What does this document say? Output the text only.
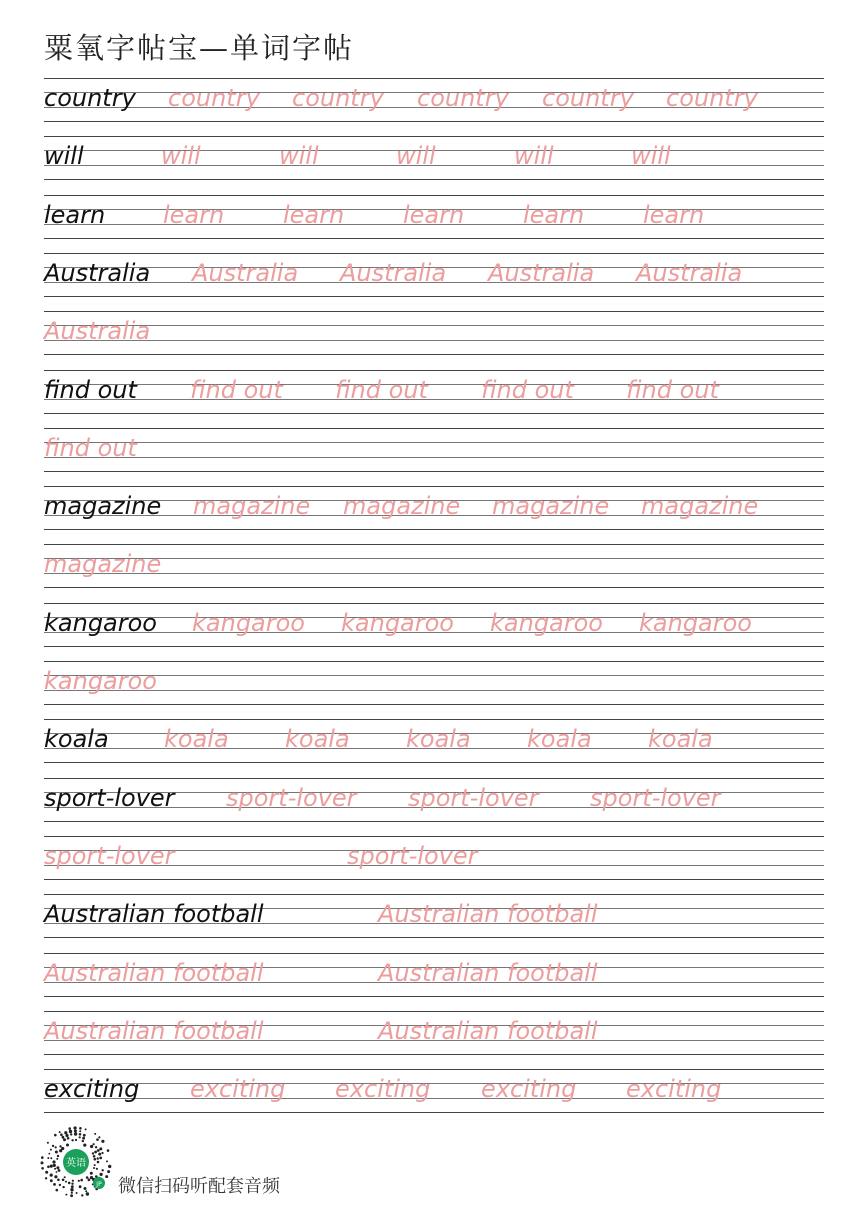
粟氧字帖宝—单词字帖
country country country country country country
will	will	will	will	will	will
learn learn learn learn learn learn
Australia Australia Australia Australia Australia
Australia
find out find out find out find out find out
find out
magazine magazine magazine magazine magazine
magazine
kangaroo kangaroo kangaroo kangaroo kangaroo
kangaroo
koala koala koala koala koala koala
sport-lover sport-lover sport-lover sport-lover
sport-lover	sport-lover
Australian football	Australian football
Australian football	Australian football
Australian football	Australian football
exciting exciting exciting exciting exciting
英语
JP 微信扫码听配套音频
